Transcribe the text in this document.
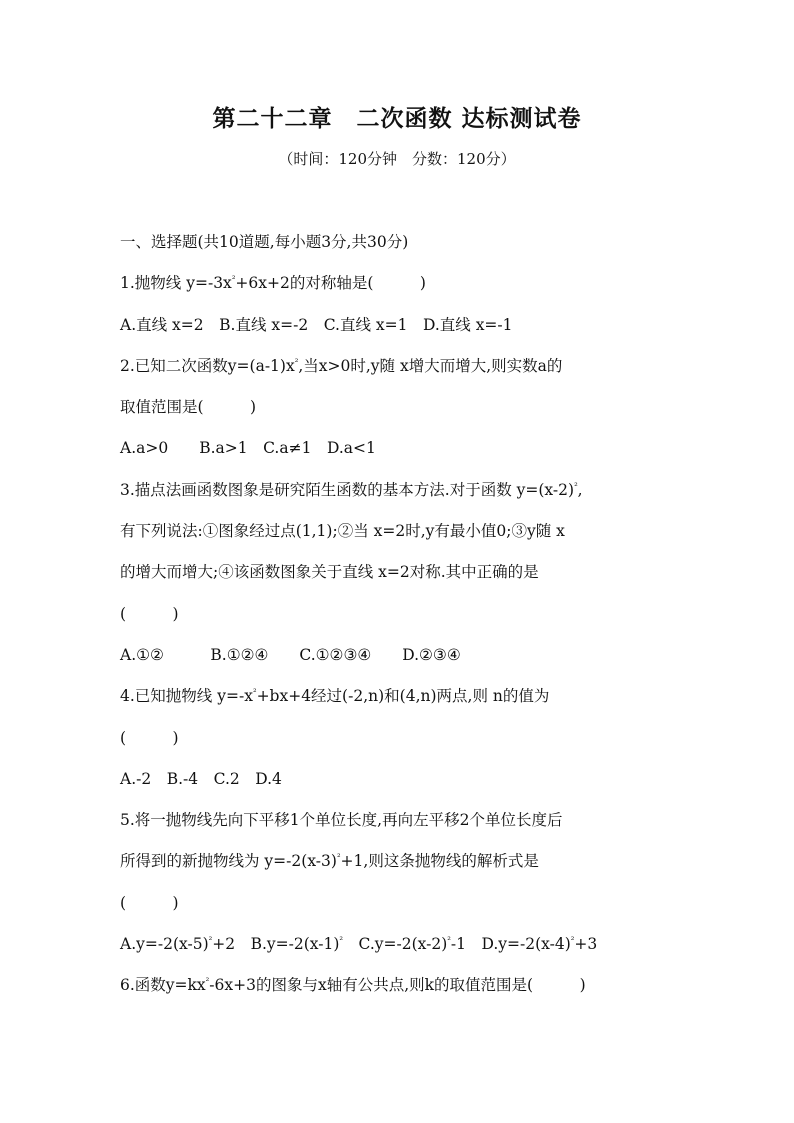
第二十二章　二次函数 达标测试卷
（时间：120分钟　分数：120分）
一、选择题(共10道题,每小题3分,共30分)
1.抛物线 $y=-3x^{^2}+6x+2$的对称轴是(　　　)
A.直线 x=2　B.直线 x=-2　C.直线 x=1　D.直线 x=-1
2.已知二次函数$y=(a-1)x^{^2}$,当x>0时,y随 x增大而增大,则实数a的
取值范围是(　　　)
A.a>0　　B.a>1　C.a≠1　D.a<1
3.描点法画函数图象是研究陌生函数的基本方法.对于函数 $y=(x-2)^{^2}$,
有下列说法:①图象经过点(1,1);②当 x=2时,y有最小值0;③y随 x
的增大而增大;④该函数图象关于直线 x=2对称.其中正确的是
(　　　)
A.①②　　　B.①②④　　C.①②③④　　D.②③④
4.已知抛物线 $y=-x^{^2}+bx+4$经过(-2,n)和(4,n)两点,则 n的值为
(　　　)
A.-2　B.-4　C.2　D.4
5.将一抛物线先向下平移1个单位长度,再向左平移2个单位长度后
所得到的新抛物线为 $y=-2(x-3)^{^2}+1$,则这条抛物线的解析式是
(　　　)
$A.y=-2(x-5)^{^2}+2$　$B.y=-2(x-1)^{^2}$　$C.y=-2(x-2)^{^2}-1$　$D.y=-2(x-4)^{^2}+3$
6.函数$y=kx^{^2}-6x+3$的图象与x轴有公共点,则k的取值范围是(　　　)
